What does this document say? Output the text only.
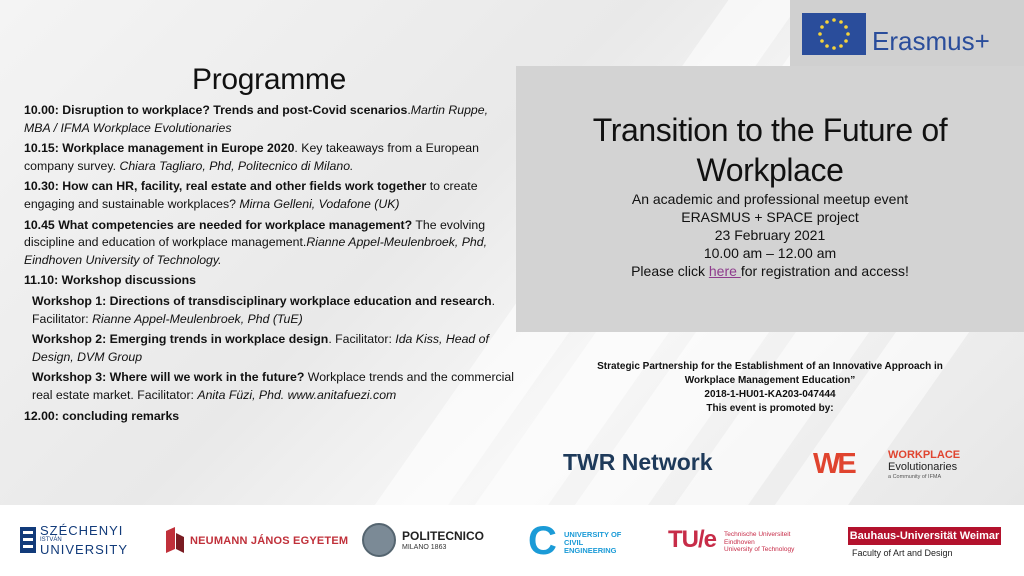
Erasmus+
Programme

10.00: Disruption to workplace? Trends and post-Covid scenarios.Martin Ruppe, MBA / IFMA Workplace Evolutionaries

10.15: Workplace management in Europe 2020. Key takeaways from a European company survey. Chiara Tagliaro, Phd, Politecnico di Milano.

10.30: How can HR, facility, real estate and other fields work together to create engaging and sustainable workplaces? Mirna Gelleni, Vodafone (UK)

10.45 What competencies are needed for workplace management? The evolving discipline and education of workplace management.Rianne Appel-Meulenbroek, Phd, Eindhoven University of Technology.

11.10: Workshop discussions

Workshop 1: Directions of transdisciplinary workplace education and research. Facilitator: Rianne Appel-Meulenbroek, Phd (TuE)

Workshop 2: Emerging trends in workplace design. Facilitator: Ida Kiss, Head of Design, DVM Group

Workshop 3: Where will we work in the future? Workplace trends and the commercial real estate market. Facilitator: Anita Füzi, Phd. www.anitafuezi.com

12.00: concluding remarks

Transition to the Future of Workplace
An academic and professional meetup event
ERASMUS + SPACE project
23 February 2021
10.00 am – 12.00 am
Please click here for registration and access!
Strategic Partnership for the Establishment of an Innovative Approach in
Workplace Management Education”
2018-1-HU01-KA203-047444
This event is promoted by:
TWR Network	WE	WORKPLACE
Evolutionaries
a Community of IFMA
SZÉCHENYI
ISTVÁN
UNIVERSITY
NEUMANN JÁNOS EGYETEM	POLITECNICO
MILANO 1863 C UNIVERSITY OF CIVIL ENGINEERING	TU/e Technische Universiteit
Eindhoven
University of Technology
Bauhaus-Universität Weimar
Faculty of Art and Design
